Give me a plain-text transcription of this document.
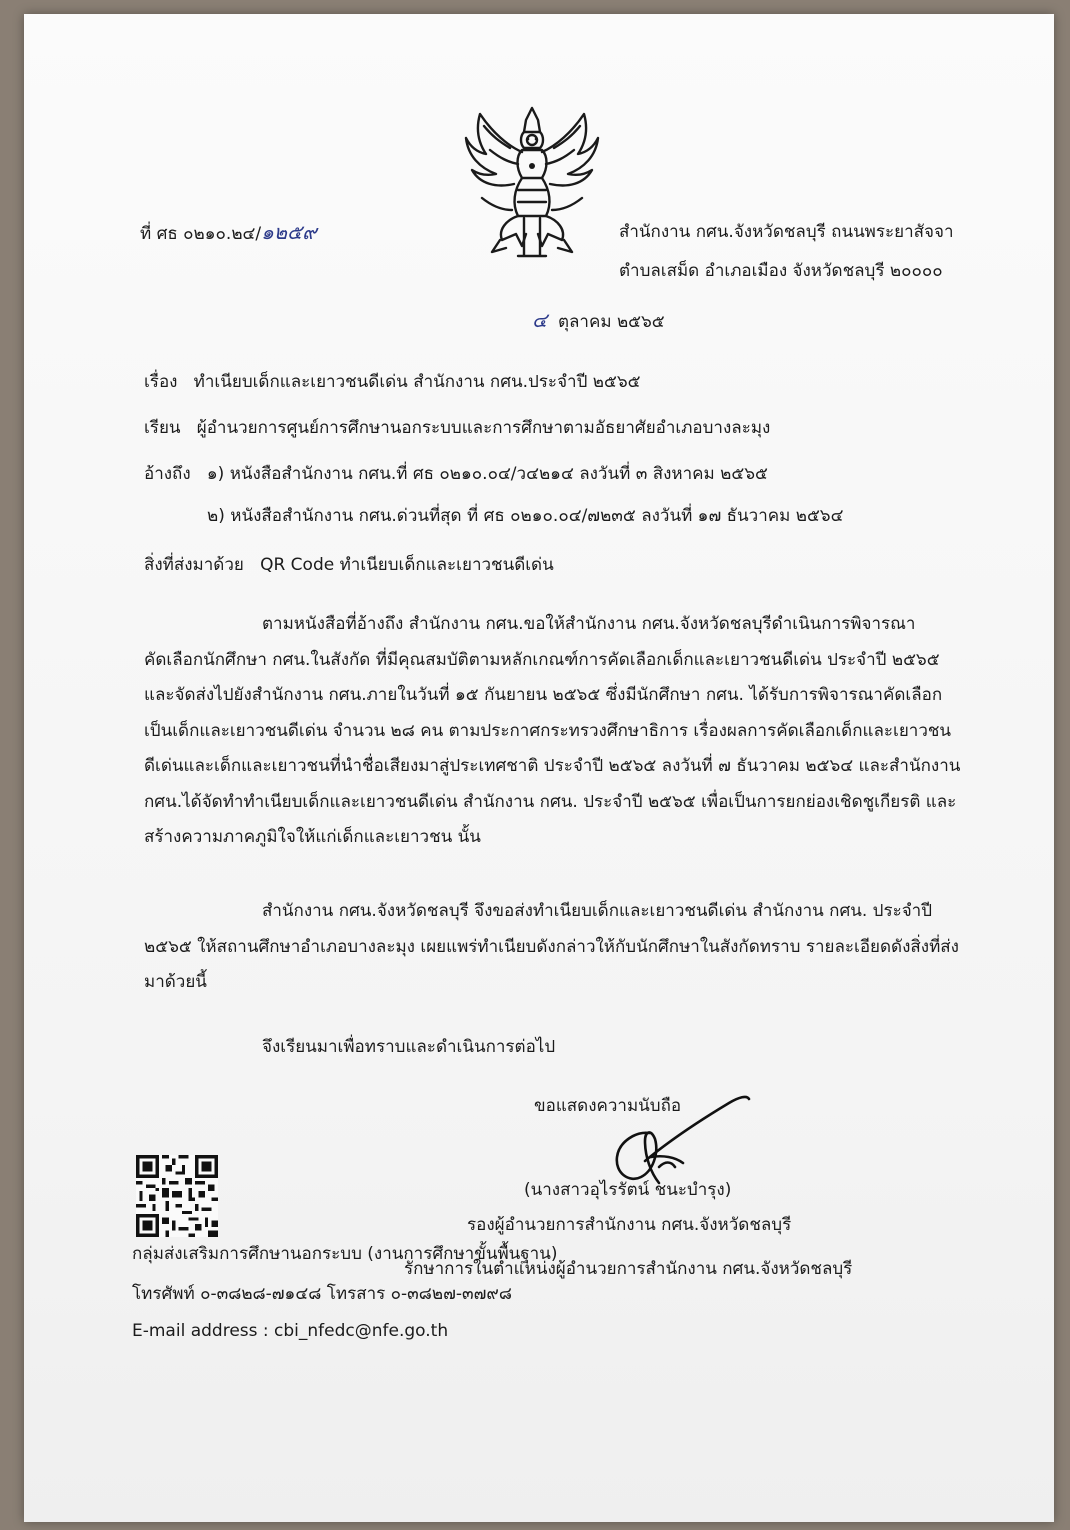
ที่ ศธ ๐๒๑๐.๒๔/๑๒๕๙	สำนักงาน กศน.จังหวัดชลบุรี ถนนพระยาสัจจา
ตำบลเสม็ด อำเภอเมือง จังหวัดชลบุรี ๒๐๐๐๐
๔ ตุลาคม ๒๕๖๕
เรื่อง ทำเนียบเด็กและเยาวชนดีเด่น สำนักงาน กศน.ประจำปี ๒๕๖๕
เรียน ผู้อำนวยการศูนย์การศึกษานอกระบบและการศึกษาตามอัธยาศัยอำเภอบางละมุง
อ้างถึง ๑) หนังสือสำนักงาน กศน.ที่ ศธ ๐๒๑๐.๐๔/ว๔๒๑๔ ลงวันที่ ๓ สิงหาคม ๒๕๖๕
๒) หนังสือสำนักงาน กศน.ด่วนที่สุด ที่ ศธ ๐๒๑๐.๐๔/๗๒๓๕ ลงวันที่ ๑๗ ธันวาคม ๒๕๖๔
สิ่งที่ส่งมาด้วย QR Code ทำเนียบเด็กและเยาวชนดีเด่น
ตามหนังสือที่อ้างถึง สำนักงาน กศน.ขอให้สำนักงาน กศน.จังหวัดชลบุรีดำเนินการพิจารณา
คัดเลือกนักศึกษา กศน.ในสังกัด ที่มีคุณสมบัติตามหลักเกณฑ์การคัดเลือกเด็กและเยาวชนดีเด่น ประจำปี ๒๕๖๕
และจัดส่งไปยังสำนักงาน กศน.ภายในวันที่ ๑๕ กันยายน ๒๕๖๕ ซึ่งมีนักศึกษา กศน. ได้รับการพิจารณาคัดเลือก
เป็นเด็กและเยาวชนดีเด่น จำนวน ๒๘ คน ตามประกาศกระทรวงศึกษาธิการ เรื่องผลการคัดเลือกเด็กและเยาวชน
ดีเด่นและเด็กและเยาวชนที่นำชื่อเสียงมาสู่ประเทศชาติ ประจำปี ๒๕๖๕ ลงวันที่ ๗ ธันวาคม ๒๕๖๔ และสำนักงาน
กศน.ได้จัดทำทำเนียบเด็กและเยาวชนดีเด่น สำนักงาน กศน. ประจำปี ๒๕๖๕ เพื่อเป็นการยกย่องเชิดชูเกียรติ และ
สร้างความภาคภูมิใจให้แก่เด็กและเยาวชน นั้น
สำนักงาน กศน.จังหวัดชลบุรี จึงขอส่งทำเนียบเด็กและเยาวชนดีเด่น สำนักงาน กศน. ประจำปี
๒๕๖๕ ให้สถานศึกษาอำเภอบางละมุง เผยแพร่ทำเนียบดังกล่าวให้กับนักศึกษาในสังกัดทราบ รายละเอียดดังสิ่งที่ส่ง
มาด้วยนี้
จึงเรียนมาเพื่อทราบและดำเนินการต่อไป
ขอแสดงความนับถือ
(นางสาวอุไรรัตน์ ชนะบำรุง)
รองผู้อำนวยการสำนักงาน กศน.จังหวัดชลบุรี
รักษาการในตำแหน่งผู้อำนวยการสำนักงาน กศน.จังหวัดชลบุรี
กลุ่มส่งเสริมการศึกษานอกระบบ (งานการศึกษาขั้นพื้นฐาน)
โทรศัพท์ ๐-๓๘๒๘-๗๑๔๘ โทรสาร ๐-๓๘๒๗-๓๗๙๘
E-mail address : cbi_nfedc@nfe.go.th
